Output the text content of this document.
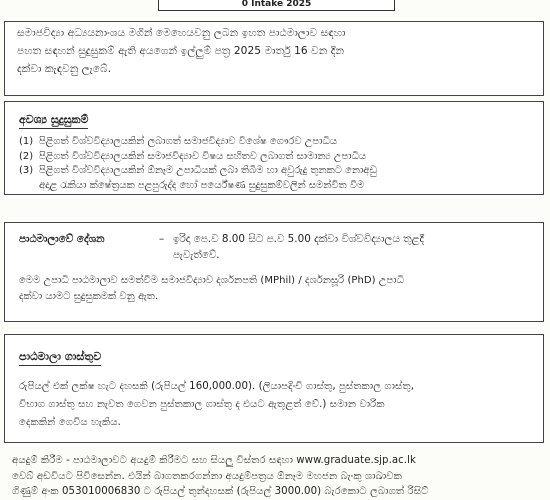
0 Intake 2025

සමාජවිද්‍යා අධ්‍යයනාංශය මගින් මෙහෙයවනු ලබන ඉහත පාඨමාලාව සඳහා

පහත සඳහන් සුදුසුකම් ඇති අයගෙන් ඉල්ලුම් පත්‍ර 2025 මාර්තු 16 වන දින

දක්වා කැඳවනු ලැබේ.

අවශ්‍ය සුදුසුකම්
(1) පිළිගත් විශ්වවිද්‍යාලයකින් ලබාගත් සමාජවිද්‍යාව විශේෂ ගෞරව උපාධිය
(2) පිළිගත් විශ්වවිද්‍යාලයකින් සමාජවිද්‍යාව විෂය සහිතව ලබාගත් සාමාන්‍ය උපාධිය
(3) පිළිගත් විශ්වවිද්‍යාලයකින් ඕනෑම උපාධියක් ලබා තිබීම හා අවුරුදු තුනකට නොඅඩු
අදාළ රැකියා ක්ෂේත්‍රයක පළපුරුද්ද හෝ පර්යේෂණ සුදුසුකම්වලින් සමන්විත වීම
පාඨමාලාවේ දේශන	– ඉරිදා පෙ.ව 8.00 සිට ප.ව 5.00 දක්වා විශ්වවිද්‍යාලය තුළදී
පැවැත්වේ.

මෙම උපාධි පාඨමාලාව සමත්වීම සමාජවිද්‍යාව දර්ශනපති (MPhil) / දර්ශනසූරි (PhD) උපාධි

දක්වා යාමට සුදුසුකමක් වනු ඇත.

පාඨමාලා ගාස්තුව

රුපියල් එක් ලක්ෂ හැට දහසකි (රුපියල් 160,000.00). (ලියාපදිංචි ගාස්තු, පුස්තකාල ගාස්තු,

විභාග ගාස්තු සහ නැවත ගෙවන පුස්තකාල ගාස්තු ද එයට ඇතුළත් වේ.) සමාන වාරික

දෙකකින් ගෙවිය හැකිය.

අයදුම් කිරීම - පාඨමාලාවට අයදුම් කිරීමට සහ සියලු විස්තර සඳහා www.graduate.sjp.ac.lk

වෙබ් අඩවියට පිවිසෙන්න. එයින් බාගතකරගන්නා අයදුම්පත්‍රය ඕනෑම මහජන බැංකු ශාඛාවක

ගිණුම් අංක 053010006830 ට රුපියල් තුන්දහසක් (රුපියල් 3000.00) බැරකොට ලබාගත් රිසිට්
